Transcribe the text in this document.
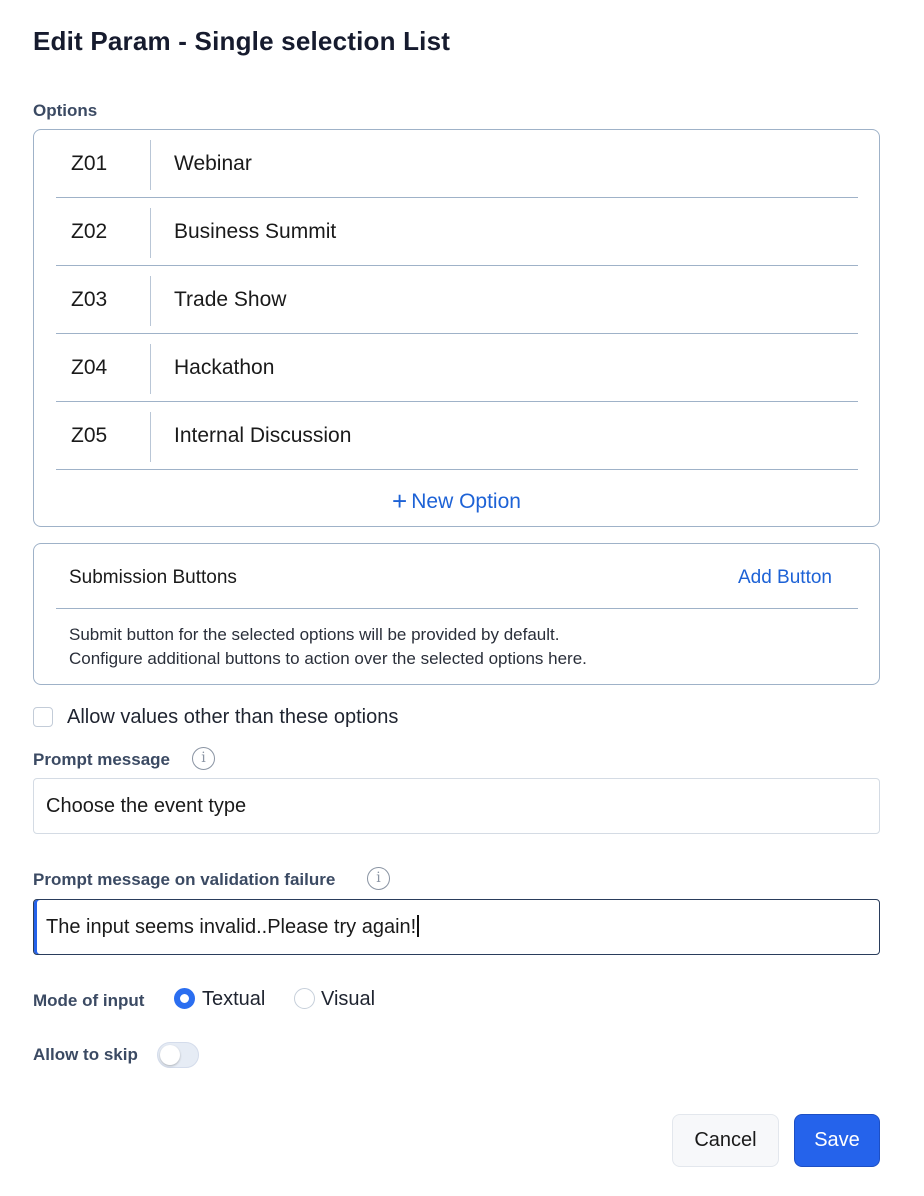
Edit Param - Single selection List
Options
Z01	Webinar
Z02	Business Summit
Z03	Trade Show
Z04	Hackathon
Z05	Internal Discussion
+ New Option
Submission Buttons	Add Button
Submit button for the selected options will be provided by default.
Configure additional buttons to action over the selected options here.
Allow values other than these options
Prompt message	i
Choose the event type
Prompt message on validation failure	i
The input seems invalid..Please try again!
Mode of input	Textual	Visual
Allow to skip
Cancel	Save
